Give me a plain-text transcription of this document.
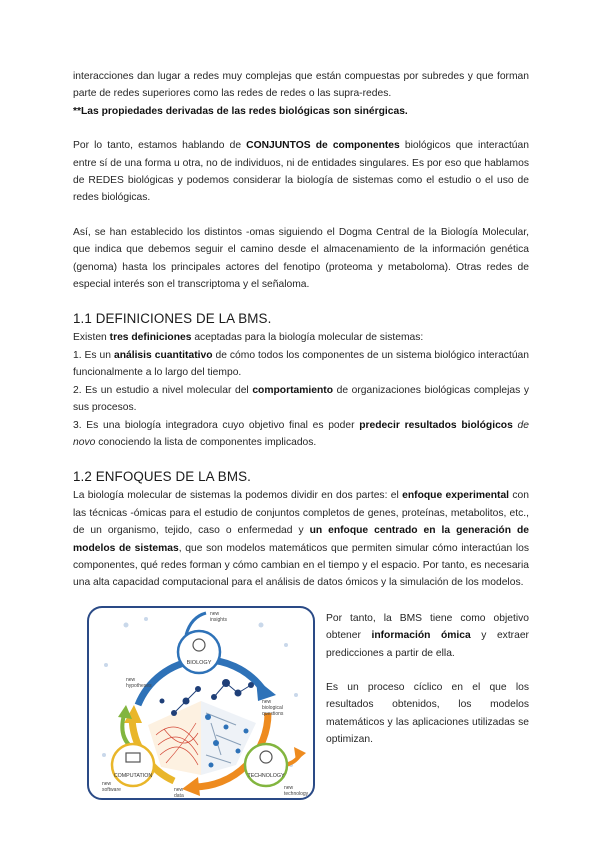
interacciones dan lugar a redes muy complejas que están compuestas por subredes y que forman parte de redes superiores como las redes de redes o las supra-redes.
**Las propiedades derivadas de las redes biológicas son sinérgicas.

Por lo tanto, estamos hablando de CONJUNTOS de componentes biológicos que interactúan entre sí de una forma u otra, no de individuos, ni de entidades singulares. Es por eso que hablamos de REDES biológicas y podemos considerar la biología de sistemas como el estudio o el uso de redes biológicas.

Así, se han establecido los distintos -omas siguiendo el Dogma Central de la Biología Molecular, que indica que debemos seguir el camino desde el almacenamiento de la información genética (genoma) hasta los principales actores del fenotipo (proteoma y metaboloma). Otras redes de especial interés son el transcriptoma y el señaloma.

1.1 DEFINICIONES DE LA BMS.

Existen tres definiciones aceptadas para la biología molecular de sistemas:

1. Es un análisis cuantitativo de cómo todos los componentes de un sistema biológico interactúan funcionalmente a lo largo del tiempo.

2. Es un estudio a nivel molecular del comportamiento de organizaciones biológicas complejas y sus procesos.

3. Es una biología integradora cuyo objetivo final es poder predecir resultados biológicos de novo conociendo la lista de componentes implicados.

1.2 ENFOQUES DE LA BMS.

La biología molecular de sistemas la podemos dividir en dos partes: el enfoque experimental con las técnicas -ómicas para el estudio de conjuntos completos de genes, proteínas, metabolitos, etc., de un organismo, tejido, caso o enfermedad y un enfoque centrado en la generación de modelos de sistemas, que son modelos matemáticos que permiten simular cómo interactúan los componentes, qué redes forman y cómo cambian en el tiempo y el espacio. Por tanto, es necesaria una alta capacidad computacional para el análisis de datos ómicos y la simulación de los modelos.

BIOLOGY
COMPUTATION	TECHNOLOGY
new
insights
new
hypotheses
new
biological
questions
new
software	new
data
new
technology

Por tanto, la BMS tiene como objetivo obtener información ómica y extraer predicciones a partir de ella.

Es un proceso cíclico en el que los resultados obtenidos, los modelos matemáticos y las aplicaciones utilizadas se optimizan.
